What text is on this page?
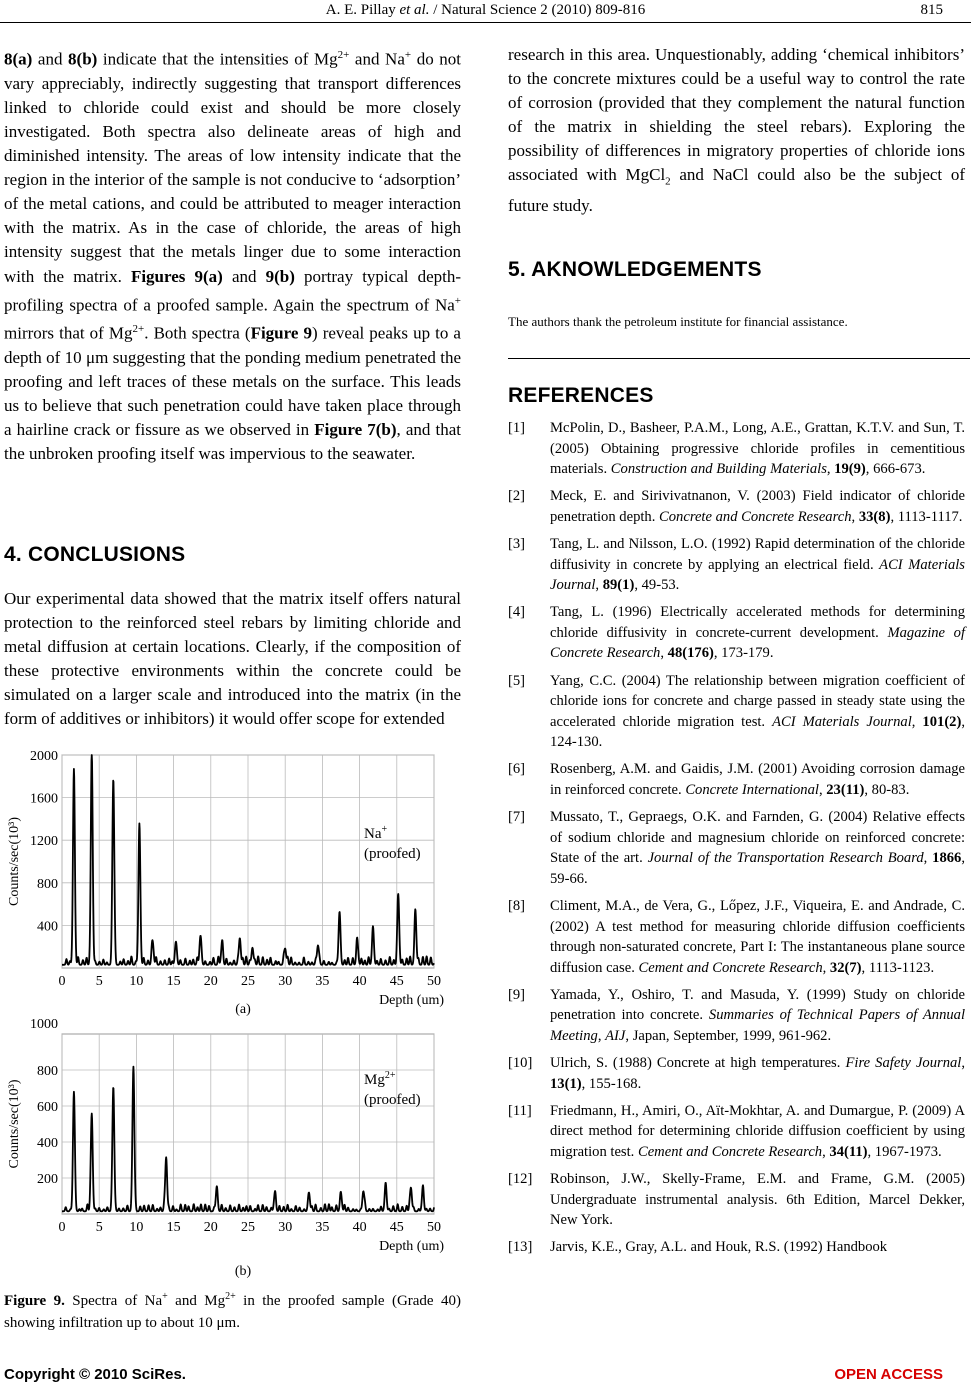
A. E. Pillay et al. / Natural Science 2 (2010) 809-816	815

8(a) and 8(b) indicate that the intensities of $Mg^{2+}$ and Na+ do not vary appreciably, indirectly suggesting that transport differences linked to chloride could exist and should be more closely investigated. Both spectra also delineate areas of high and diminished intensity. The areas of low intensity indicate that the region in the interior of the sample is not conducive to ‘adsorption’ of the metal cations, and could be attributed to meager interaction with the matrix. As in the case of chloride, the areas of high intensity suggest that the metals linger due to some interaction with the matrix. Figures 9(a) and 9(b) portray typical depth-profiling spectra of a proofed sample. Again the spectrum of Na+ mirrors that of $Mg^{2+}$. Both spectra (Figure 9) reveal peaks up to a depth of 10 μm suggesting that the ponding medium penetrated the proofing and left traces of these metals on the surface. This leads us to believe that such penetration could have taken place through a hairline crack or fissure as we observed in Figure 7(b), and that the unbroken proofing itself was impervious to the seawater.

4. CONCLUSIONS

Our experimental data showed that the matrix itself offers natural protection to the reinforced steel rebars by limiting chloride and metal diffusion at certain locations. Clearly, if the composition of these protective environments within the concrete could be simulated on a larger scale and introduced into the matrix (in the form of additives or inhibitors) it would offer scope for extended

0 5 10 15 20 25 30 35 40 45 50
400
800
1200
1600
2000
Counts/sec(10³)
Depth (um)
Na+
(proofed)
(a)
0 5 10 15 20 25 30 35 40 45 50
200
400
600
800
1000
Counts/sec(10³)
Depth (um)
$Mg^{2+}$
(proofed)
(b)
Figure 9. Spectra of Na+ and $Mg^{2+}$ in the proofed sample (Grade 40) showing infiltration up to about 10 μm.

research in this area. Unquestionably, adding ‘chemical inhibitors’ to the concrete mixtures could be a useful way to control the rate of corrosion (provided that they complement the natural function of the matrix in shielding the steel rebars). Exploring the possibility of differences in migratory properties of chloride ions associated with MgCl$_2$ and NaCl could also be the subject of future study.

5. AKNOWLEDGEMENTS
The authors thank the petroleum institute for financial assistance.
REFERENCES
[1]	McPolin, D., Basheer, P.A.M., Long, A.E., Grattan, K.T.V. and Sun, T. (2005) Obtaining progressive chloride profiles in cementitious materials. Construction and Building Materials, 19(9), 666-673.
[2]	Meck, E. and Sirivivatnanon, V. (2003) Field indicator of chloride penetration depth. Concrete and Concrete Research, 33(8), 1113-1117.
[3]	Tang, L. and Nilsson, L.O. (1992) Rapid determination of the chloride diffusivity in concrete by applying an electrical field. ACI Materials Journal, 89(1), 49-53.
[4]	Tang, L. (1996) Electrically accelerated methods for determining chloride diffusivity in concrete-current development. Magazine of Concrete Research, 48(176), 173-179.
[5]	Yang, C.C. (2004) The relationship between migration coefficient of chloride ions for concrete and charge passed in steady state using the accelerated chloride migration test. ACI Materials Journal, 101(2), 124-130.
[6]	Rosenberg, A.M. and Gaidis, J.M. (2001) Avoiding corrosion damage in reinforced concrete. Concrete International, 23(11), 80-83.
[7]	Mussato, T., Gepraegs, O.K. and Farnden, G. (2004) Relative effects of sodium chloride and magnesium chloride on reinforced concrete: State of the art. Journal of the Transportation Research Board, 1866, 59-66.
[8]	Climent, M.A., de Vera, G., Lőpez, J.F., Viqueira, E. and Andrade, C. (2002) A test method for measuring chloride diffusion coefficients through non-saturated concrete, Part I: The instantaneous plane source diffusion case. Cement and Concrete Research, 32(7), 1113-1123.
[9]	Yamada, Y., Oshiro, T. and Masuda, Y. (1999) Study on chloride penetration into concrete. Summaries of Technical Papers of Annual Meeting, AIJ, Japan, September, 1999, 961-962.
[10]	Ulrich, S. (1988) Concrete at high temperatures. Fire Safety Journal, 13(1), 155-168.
[11]	Friedmann, H., Amiri, O., Aït-Mokhtar, A. and Dumargue, P. (2009) A direct method for determining chloride diffusion coefficient by using migration test. Cement and Concrete Research, 34(11), 1967-1973.
[12]	Robinson, J.W., Skelly-Frame, E.M. and Frame, G.M. (2005) Undergraduate instrumental analysis. 6th Edition, Marcel Dekker, New York.
[13]	Jarvis, K.E., Gray, A.L. and Houk, R.S. (1992) Handbook
Copyright © 2010 SciRes.	OPEN ACCESS
